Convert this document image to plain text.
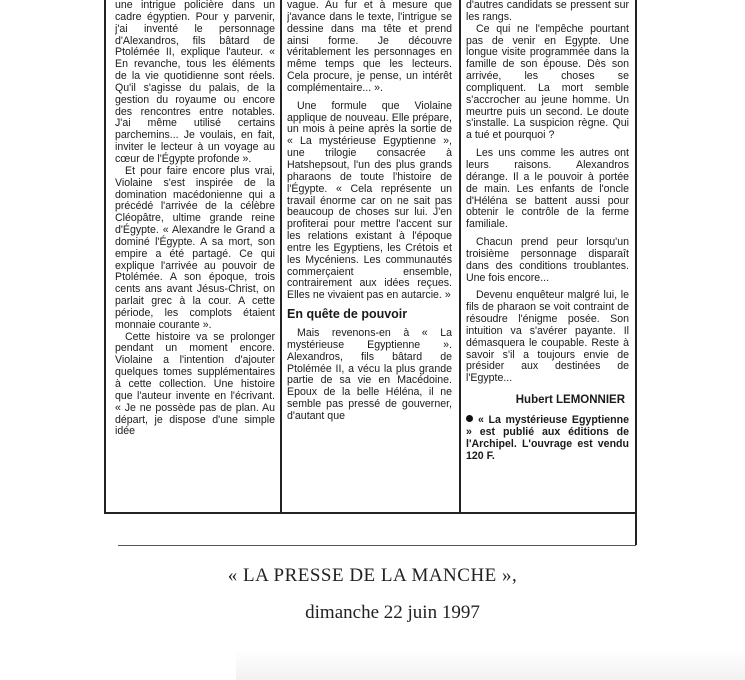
une intrigue policière dans un cadre égyptien. Pour y parvenir, j'ai inventé le personnage d'Alexandros, fils bâtard de Ptolémée II, explique l'auteur. « En revanche, tous les éléments de la vie quotidienne sont réels. Qu'il s'agisse du palais, de la gestion du royaume ou encore des rencontres entre notables. J'ai même utilisé certains parchemins... Je voulais, en fait, inviter le lecteur à un voyage au cœur de l'Égypte profonde ».

Et pour faire encore plus vrai, Violaine s'est inspirée de la domination macédonienne qui a précédé l'arrivée de la célèbre Cléopâtre, ultime grande reine d'Égypte. « Alexandre le Grand a dominé l'Égypte. A sa mort, son empire a été partagé. Ce qui explique l'arrivée au pouvoir de Ptolémée. A son époque, trois cents ans avant Jésus-Christ, on parlait grec à la cour. A cette période, les complots étaient monnaie courante ».

Cette histoire va se prolonger pendant un moment encore. Violaine a l'intention d'ajouter quelques tomes supplémentaires à cette collection. Une histoire que l'auteur invente en l'écrivant. « Je ne possède pas de plan. Au départ, je dispose d'une simple idée

vague. Au fur et à mesure que j'avance dans le texte, l'intrigue se dessine dans ma tête et prend ainsi forme. Je découvre véritablement les personnages en même temps que les lecteurs. Cela procure, je pense, un intérêt complémentaire... ».

Une formule que Violaine applique de nouveau. Elle prépare, un mois à peine après la sortie de « La mystérieuse Egyptienne », une trilogie consacrée à Hatshepsout, l'un des plus grands pharaons de toute l'histoire de l'Égypte. « Cela représente un travail énorme car on ne sait pas beaucoup de choses sur lui. J'en profiterai pour mettre l'accent sur les relations existant à l'époque entre les Egyptiens, les Crétois et les Mycéniens. Les communautés commerçaient ensemble, contrairement aux idées reçues. Elles ne vivaient pas en autarcie. »

En quête de pouvoir

Mais revenons-en à « La mystérieuse Egyptienne ». Alexandros, fils bâtard de Ptolémée II, a vécu la plus grande partie de sa vie en Macédoine. Epoux de la belle Héléna, il ne semble pas pressé de gouverner, d'autant que

d'autres candidats se pressent sur les rangs.

Ce qui ne l'empêche pourtant pas de venir en Egypte. Une longue visite programmée dans la famille de son épouse. Dès son arrivée, les choses se compliquent. La mort semble s'accrocher au jeune homme. Un meurtre puis un second. Le doute s'installe. La suspicion règne. Qui a tué et pourquoi ?

Les uns comme les autres ont leurs raisons. Alexandros dérange. Il a le pouvoir à portée de main. Les enfants de l'oncle d'Héléna se battent aussi pour obtenir le contrôle de la ferme familiale.

Chacun prend peur lorsqu'un troisième personnage disparaît dans des conditions troublantes. Une fois encore...

Devenu enquêteur malgré lui, le fils de pharaon se voit contraint de résoudre l'énigme posée. Son intuition va s'avérer payante. Il démasquera le coupable. Reste à savoir s'il a toujours envie de présider aux destinées de l'Egypte...

Hubert LEMONNIER
« La mystérieuse Egyptienne » est publié aux éditions de l'Archipel. L'ouvrage est vendu 120 F.
« LA PRESSE DE LA MANCHE »,
dimanche 22 juin 1997
